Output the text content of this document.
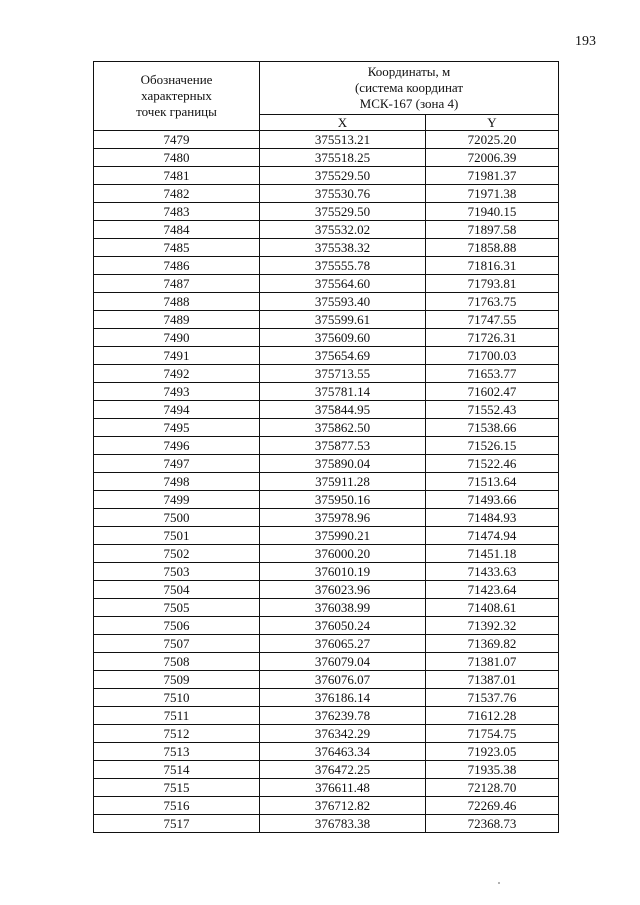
193
Обозначение
характерных
точек границы	Координаты, м
(система координат
МСК-167 (зона 4)	

	X	Y
7479	375513.21	72025.20
7480	375518.25	72006.39
7481	375529.50	71981.37
7482	375530.76	71971.38
7483	375529.50	71940.15
7484	375532.02	71897.58
7485	375538.32	71858.88
7486	375555.78	71816.31
7487	375564.60	71793.81
7488	375593.40	71763.75
7489	375599.61	71747.55
7490	375609.60	71726.31
7491	375654.69	71700.03
7492	375713.55	71653.77
7493	375781.14	71602.47
7494	375844.95	71552.43
7495	375862.50	71538.66
7496	375877.53	71526.15
7497	375890.04	71522.46
7498	375911.28	71513.64
7499	375950.16	71493.66
7500	375978.96	71484.93
7501	375990.21	71474.94
7502	376000.20	71451.18
7503	376010.19	71433.63
7504	376023.96	71423.64
7505	376038.99	71408.61
7506	376050.24	71392.32
7507	376065.27	71369.82
7508	376079.04	71381.07
7509	376076.07	71387.01
7510	376186.14	71537.76
7511	376239.78	71612.28
7512	376342.29	71754.75
7513	376463.34	71923.05
7514	376472.25	71935.38
7515	376611.48	72128.70
7516	376712.82	72269.46
7517	376783.38	72368.73
